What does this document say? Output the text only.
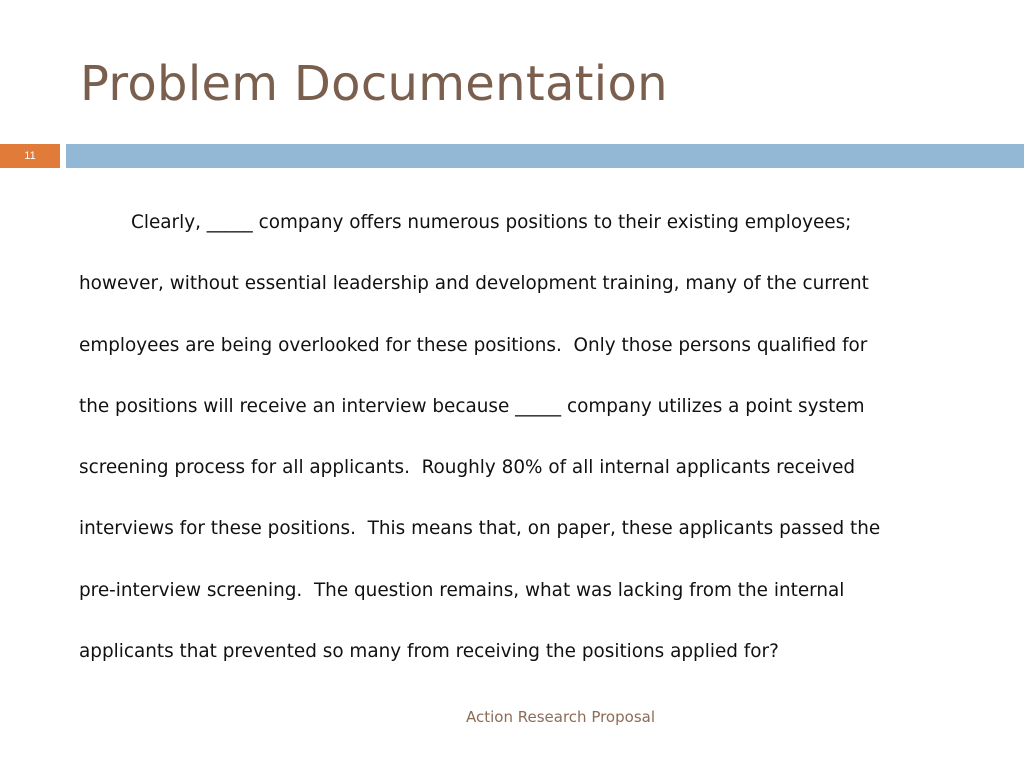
Problem Documentation
11
Clearly, _____ company offers numerous positions to their existing employees;
however, without essential leadership and development training, many of the current
employees are being overlooked for these positions.  Only those persons qualified for
the positions will receive an interview because _____ company utilizes a point system
screening process for all applicants.  Roughly 80% of all internal applicants received
interviews for these positions.  This means that, on paper, these applicants passed the
pre-interview screening.  The question remains, what was lacking from the internal
applicants that prevented so many from receiving the positions applied for?
Action Research Proposal
